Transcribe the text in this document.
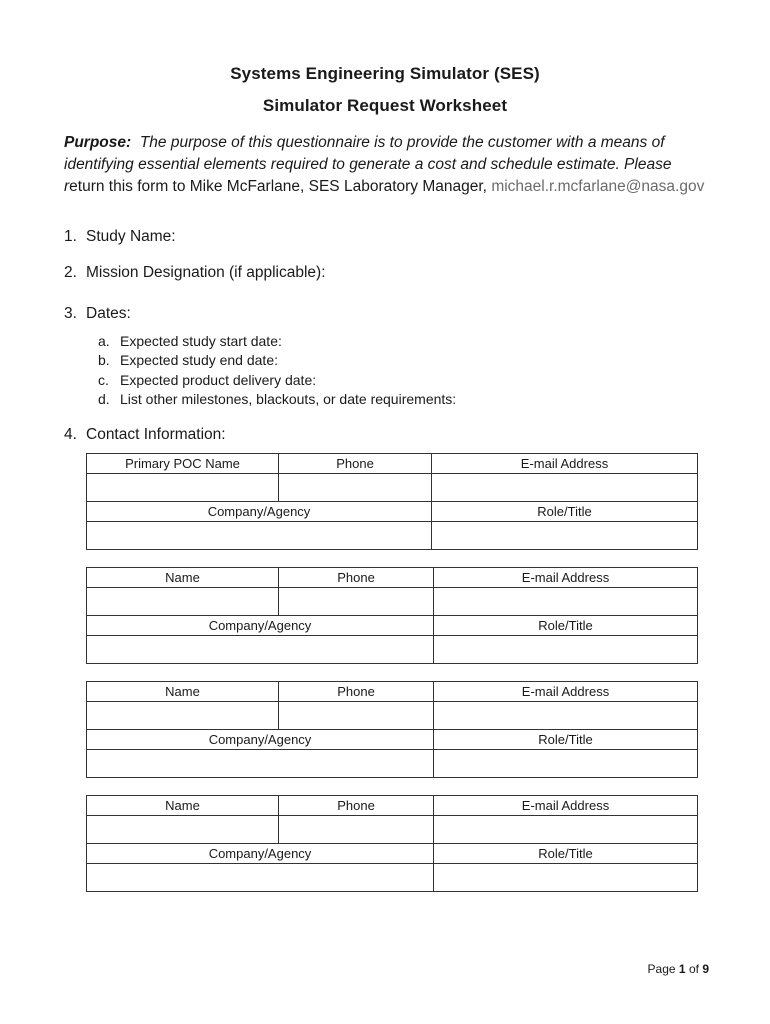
Systems Engineering Simulator (SES)
Simulator Request Worksheet
Purpose: The purpose of this questionnaire is to provide the customer with a means of identifying essential elements required to generate a cost and schedule estimate. Please return this form to Mike McFarlane, SES Laboratory Manager, michael.r.mcfarlane@nasa.gov
1. Study Name:
2. Mission Designation (if applicable):
3. Dates:
a. Expected study start date:
b. Expected study end date:
c. Expected product delivery date:
d. List other milestones, blackouts, or date requirements:
4. Contact Information:
Primary POC Name	Phone	E-mail Address

Company/Agency		Role/Title

Name	Phone	E-mail Address

Company/Agency		Role/Title

Name	Phone	E-mail Address

Company/Agency		Role/Title

Name	Phone	E-mail Address

Company/Agency		Role/Title

Page 1 of 9
